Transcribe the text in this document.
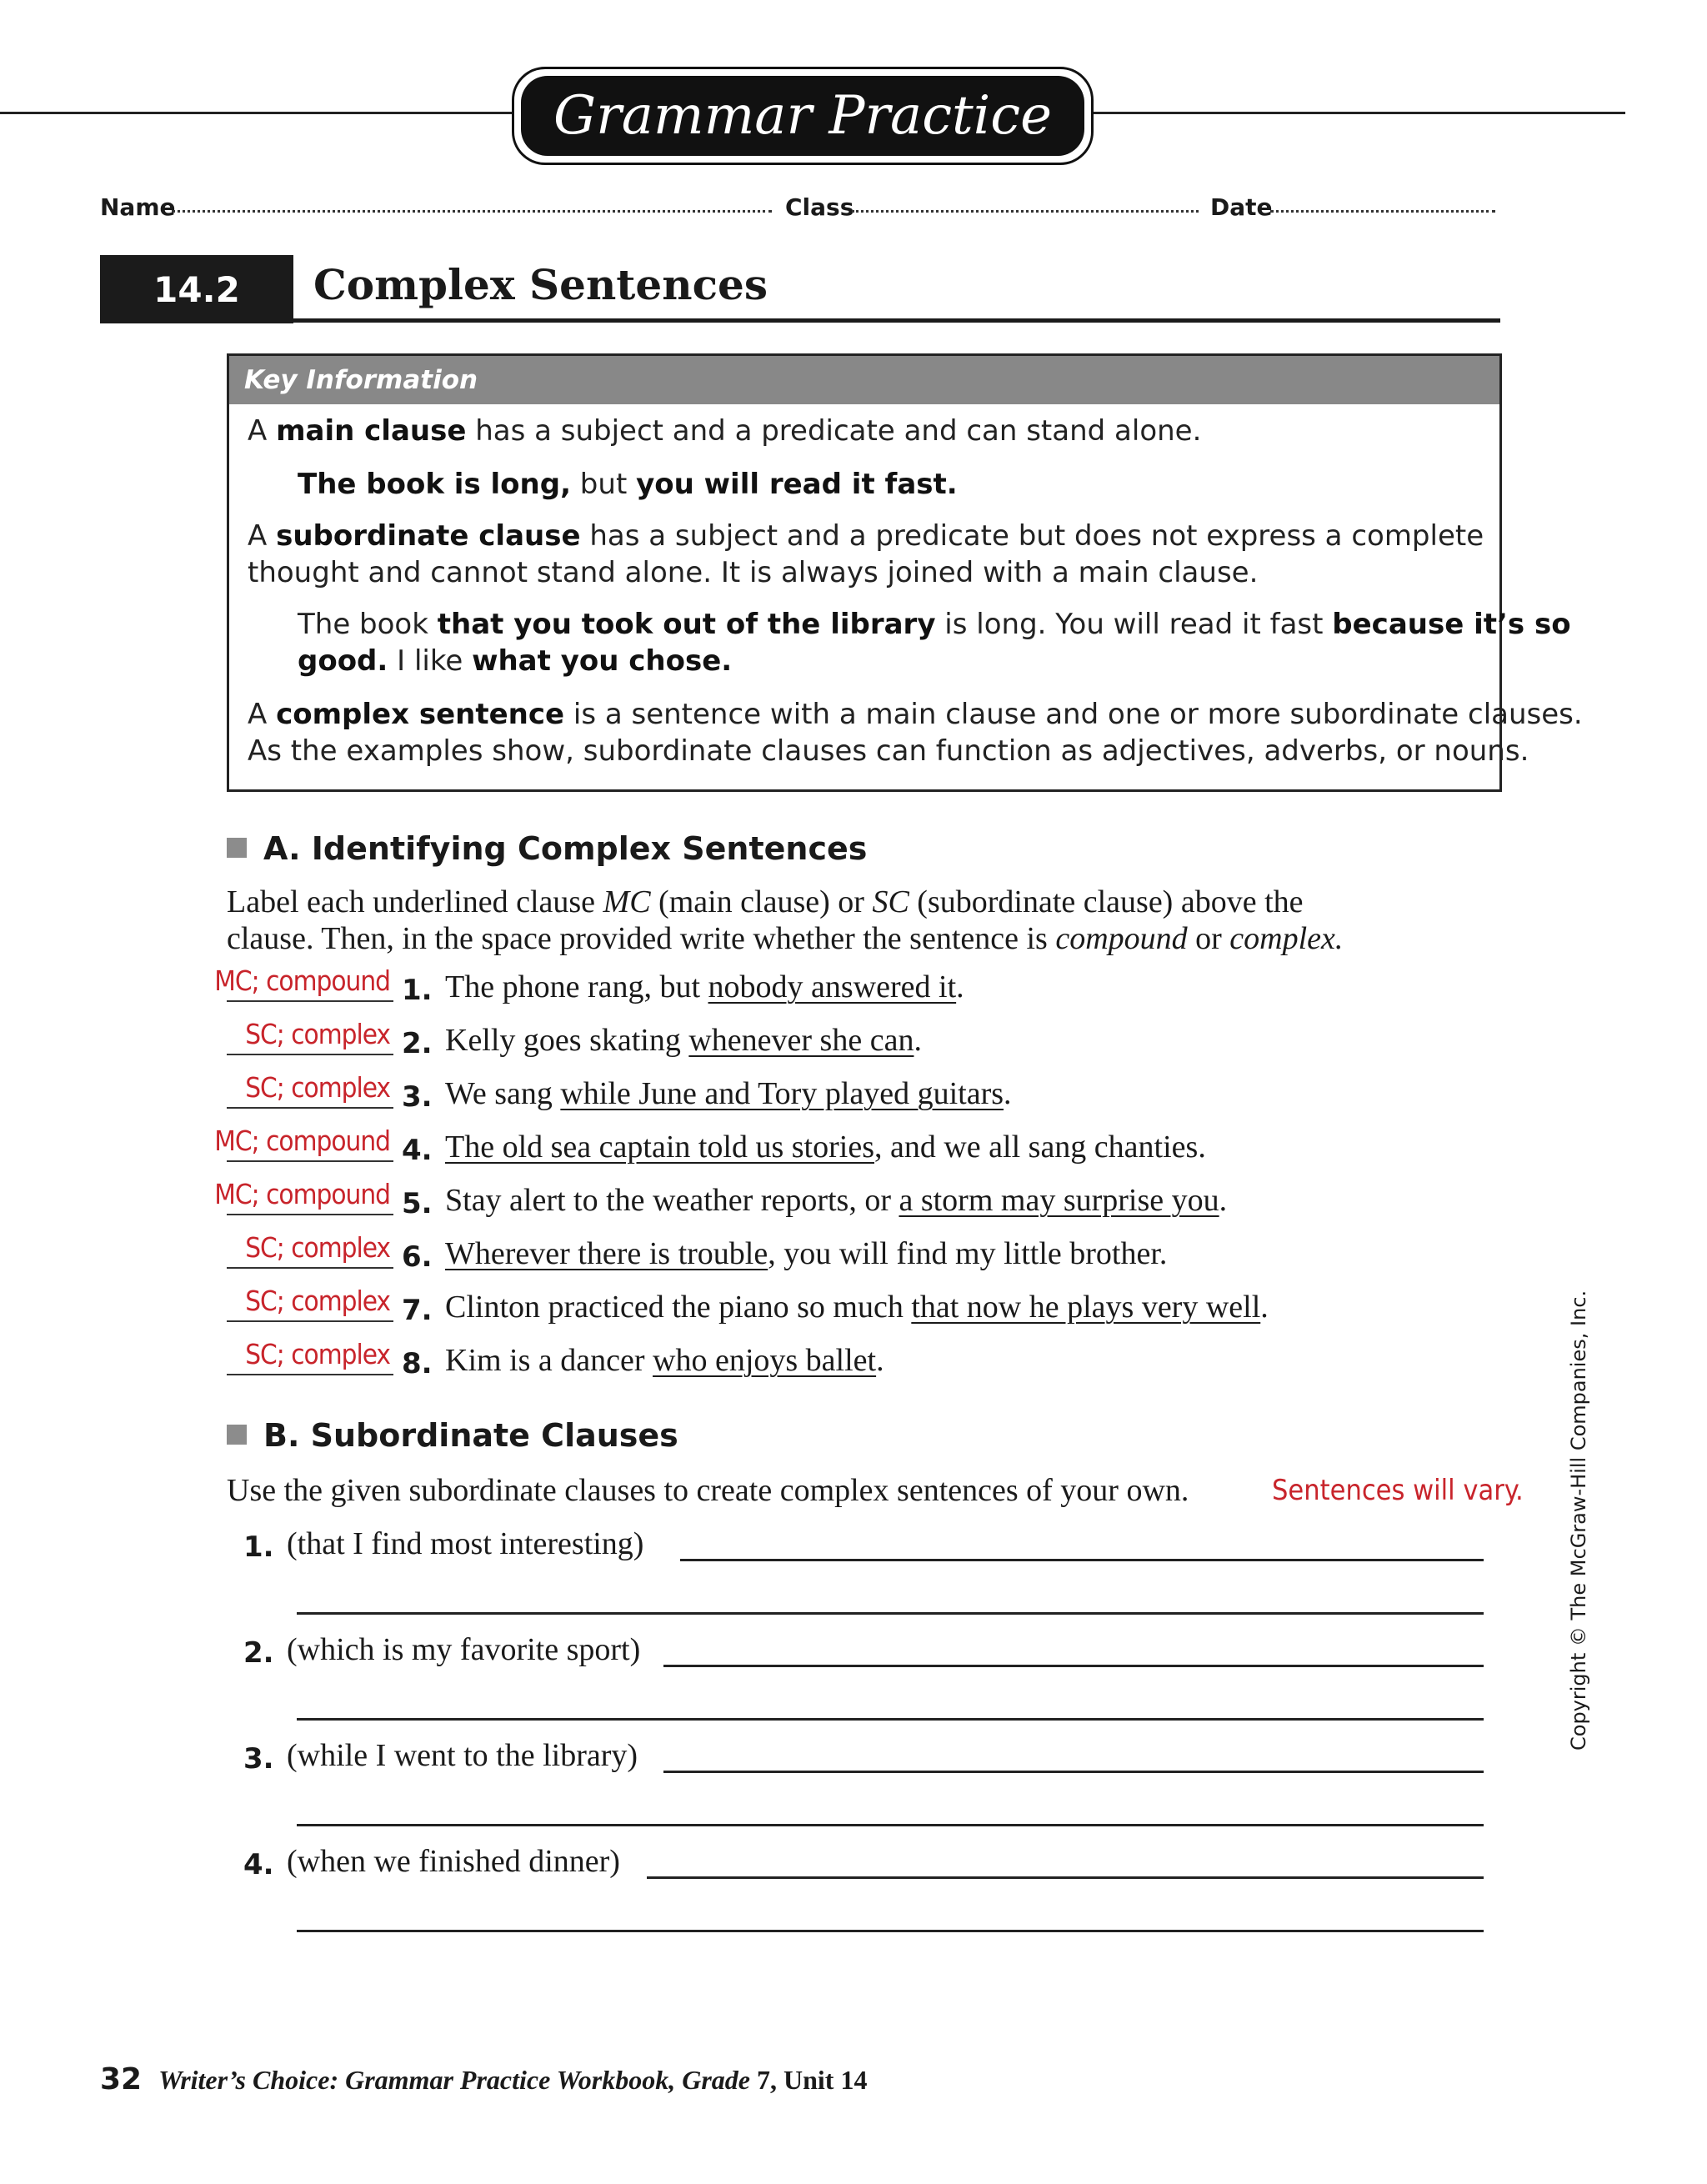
Grammar Practice
Name	Class	Date
14.2	Complex Sentences
Key Information
A main clause has a subject and a predicate and can stand alone.
The book is long, but you will read it fast.
A subordinate clause has a subject and a predicate but does not express a complete
thought and cannot stand alone. It is always joined with a main clause.
The book that you took out of the library is long. You will read it fast because it’s so
good. I like what you chose.
A complex sentence is a sentence with a main clause and one or more subordinate clauses.
As the examples show, subordinate clauses can function as adjectives, adverbs, or nouns.
A. Identifying Complex Sentences
Label each underlined clause MC (main clause) or SC (subordinate clause) above the
clause. Then, in the space provided write whether the sentence is compound or complex.
MC; compound 1. The phone rang, but nobody answered it.
SC; complex 2. Kelly goes skating whenever she can.
SC; complex 3. We sang while June and Tory played guitars.
MC; compound 4. The old sea captain told us stories, and we all sang chanties.
MC; compound 5. Stay alert to the weather reports, or a storm may surprise you.
SC; complex 6. Wherever there is trouble, you will find my little brother.
SC; complex 7. Clinton practiced the piano so much that now he plays very well.
SC; complex 8. Kim is a dancer who enjoys ballet.
B. Subordinate Clauses
Use the given subordinate clauses to create complex sentences of your own.	Sentences will vary.
1. (that I find most interesting)
2. (which is my favorite sport)
3. (while I went to the library)
4. (when we finished dinner)
Copyright © The McGraw-Hill Companies, Inc.
32 Writer’s Choice: Grammar Practice Workbook, Grade 7, Unit 14
